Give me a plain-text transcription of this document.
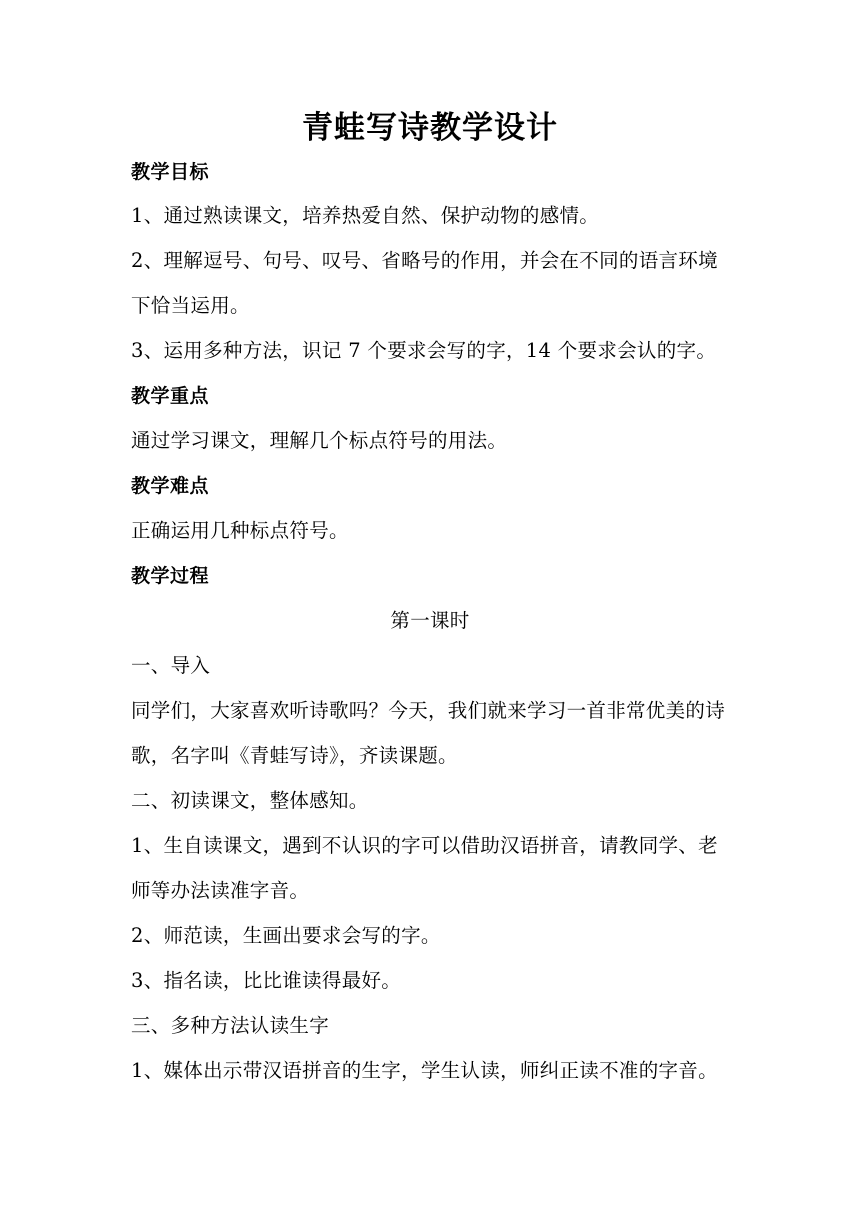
青蛙写诗教学设计
教学目标
1、通过熟读课文，培养热爱自然、保护动物的感情。
2、理解逗号、句号、叹号、省略号的作用，并会在不同的语言环境
下恰当运用。
3、运用多种方法，识记 7 个要求会写的字，14 个要求会认的字。
教学重点
通过学习课文，理解几个标点符号的用法。
教学难点
正确运用几种标点符号。
教学过程
第一课时
一、导入
同学们，大家喜欢听诗歌吗？今天，我们就来学习一首非常优美的诗
歌，名字叫《青蛙写诗》，齐读课题。
二、初读课文，整体感知。
1、生自读课文，遇到不认识的字可以借助汉语拼音，请教同学、老
师等办法读准字音。
2、师范读，生画出要求会写的字。
3、指名读，比比谁读得最好。
三、多种方法认读生字
1、媒体出示带汉语拼音的生字，学生认读，师纠正读不准的字音。
